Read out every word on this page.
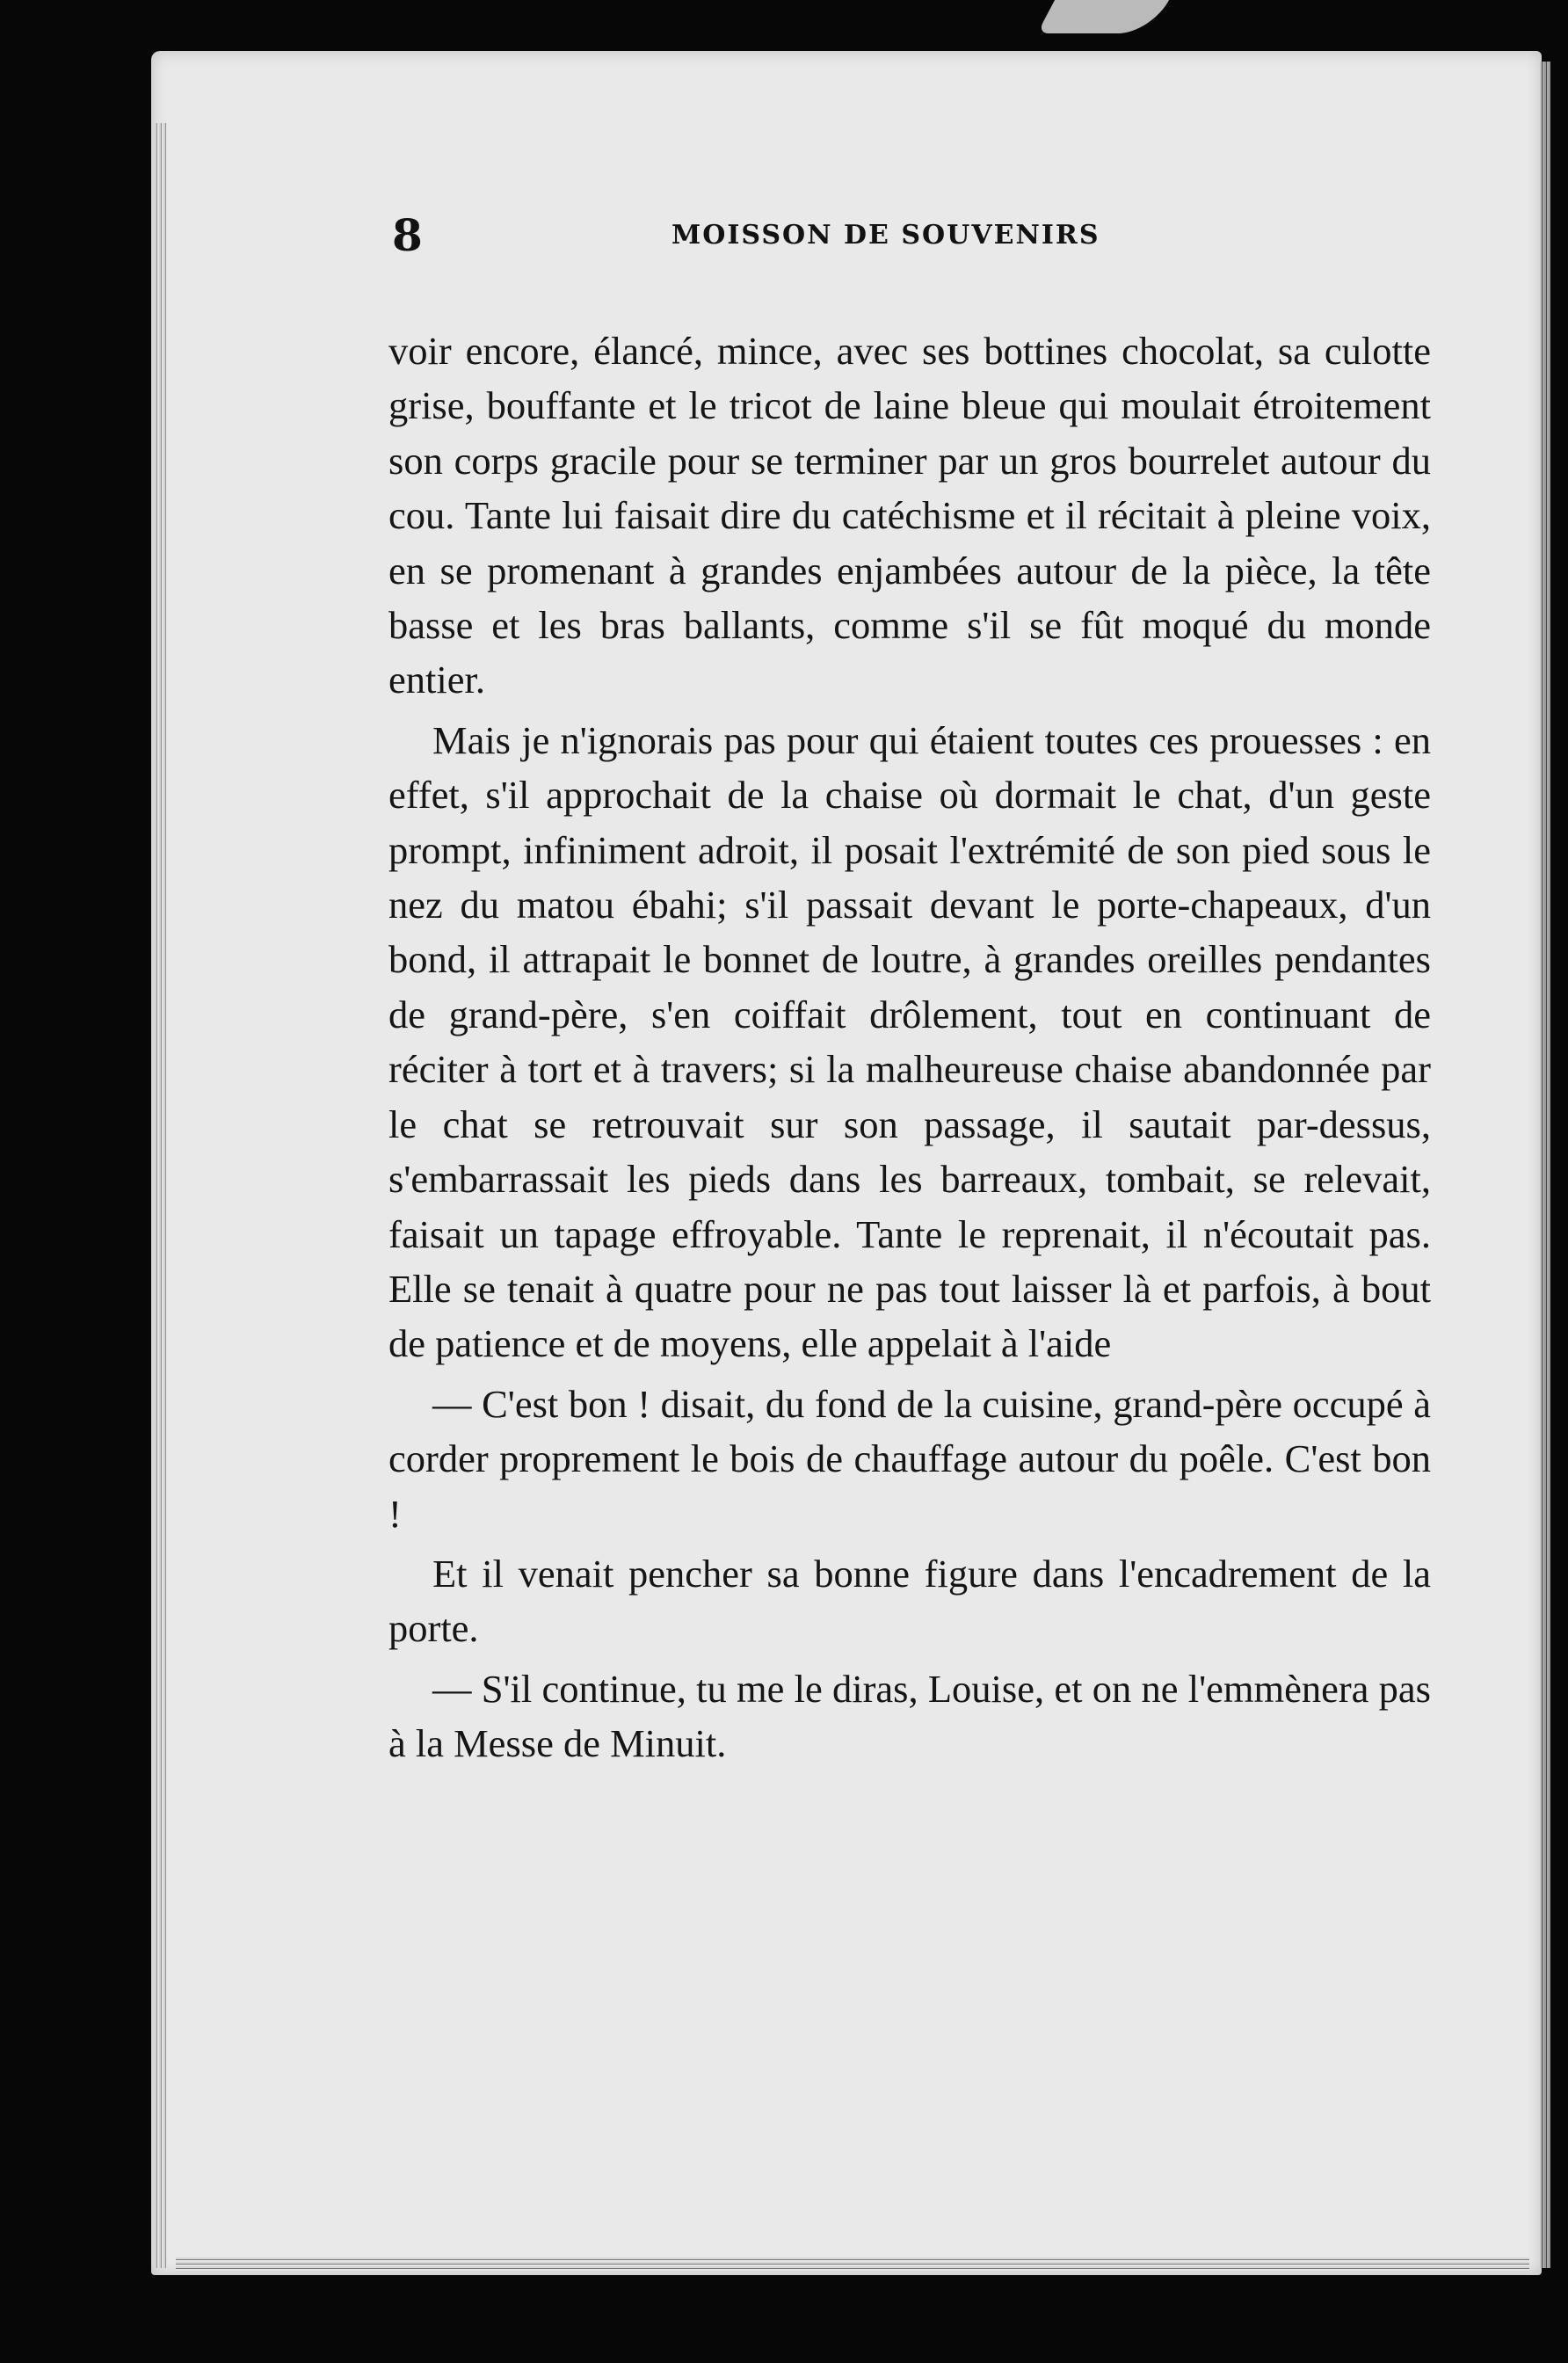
8	MOISSON DE SOUVENIRS

voir encore, élancé, mince, avec ses bottines chocolat, sa culotte grise, bouffante et le tricot de laine bleue qui moulait étroitement son corps gracile pour se terminer par un gros bourrelet autour du cou. Tante lui faisait dire du catéchisme et il récitait à pleine voix, en se promenant à grandes enjambées autour de la pièce, la tête basse et les bras ballants, comme s'il se fût moqué du monde entier.

Mais je n'ignorais pas pour qui étaient toutes ces prouesses : en effet, s'il approchait de la chaise où dormait le chat, d'un geste prompt, infiniment adroit, il posait l'extrémité de son pied sous le nez du matou ébahi; s'il passait devant le porte-chapeaux, d'un bond, il attrapait le bonnet de loutre, à grandes oreilles pendantes de grand-père, s'en coiffait drôlement, tout en continuant de réciter à tort et à travers; si la malheureuse chaise abandonnée par le chat se retrouvait sur son passage, il sautait par-dessus, s'embarrassait les pieds dans les barreaux, tombait, se relevait, faisait un tapage effroyable. Tante le reprenait, il n'écoutait pas. Elle se tenait à quatre pour ne pas tout laisser là et parfois, à bout de patience et de moyens, elle appelait à l'aide

— C'est bon ! disait, du fond de la cuisine, grand-père occupé à corder proprement le bois de chauffage autour du poêle. C'est bon !

Et il venait pencher sa bonne figure dans l'encadrement de la porte.

— S'il continue, tu me le diras, Louise, et on ne l'emmènera pas à la Messe de Minuit.
